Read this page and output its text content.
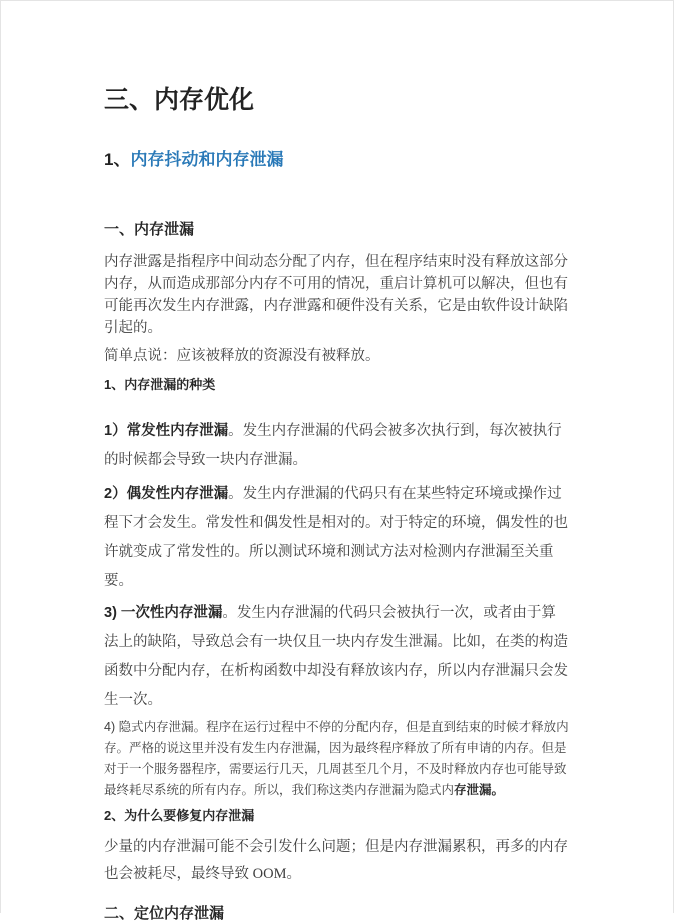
三、内存优化
1、内存抖动和内存泄漏
一、内存泄漏
内存泄露是指程序中间动态分配了内存，但在程序结束时没有释放这部分内存，从而造成那部分内存不可用的情况，重启计算机可以解决，但也有可能再次发生内存泄露，内存泄露和硬件没有关系，它是由软件设计缺陷引起的。
简单点说：应该被释放的资源没有被释放。
1、内存泄漏的种类
1）常发性内存泄漏。发生内存泄漏的代码会被多次执行到，每次被执行的时候都会导致一块内存泄漏。
2）偶发性内存泄漏。发生内存泄漏的代码只有在某些特定环境或操作过程下才会发生。常发性和偶发性是相对的。对于特定的环境，偶发性的也许就变成了常发性的。所以测试环境和测试方法对检测内存泄漏至关重要。
3) 一次性内存泄漏。发生内存泄漏的代码只会被执行一次，或者由于算法上的缺陷，导致总会有一块仅且一块内存发生泄漏。比如，在类的构造函数中分配内存，在析构函数中却没有释放该内存，所以内存泄漏只会发生一次。
4) 隐式内存泄漏。程序在运行过程中不停的分配内存，但是直到结束的时候才释放内存。严格的说这里并没有发生内存泄漏，因为最终程序释放了所有申请的内存。但是对于一个服务器程序，需要运行几天，几周甚至几个月，不及时释放内存也可能导致最终耗尽系统的所有内存。所以，我们称这类内存泄漏为隐式内存泄漏。
2、为什么要修复内存泄漏
少量的内存泄漏可能不会引发什么问题；但是内存泄漏累积，再多的内存也会被耗尽，最终导致 OOM。
二、定位内存泄漏
